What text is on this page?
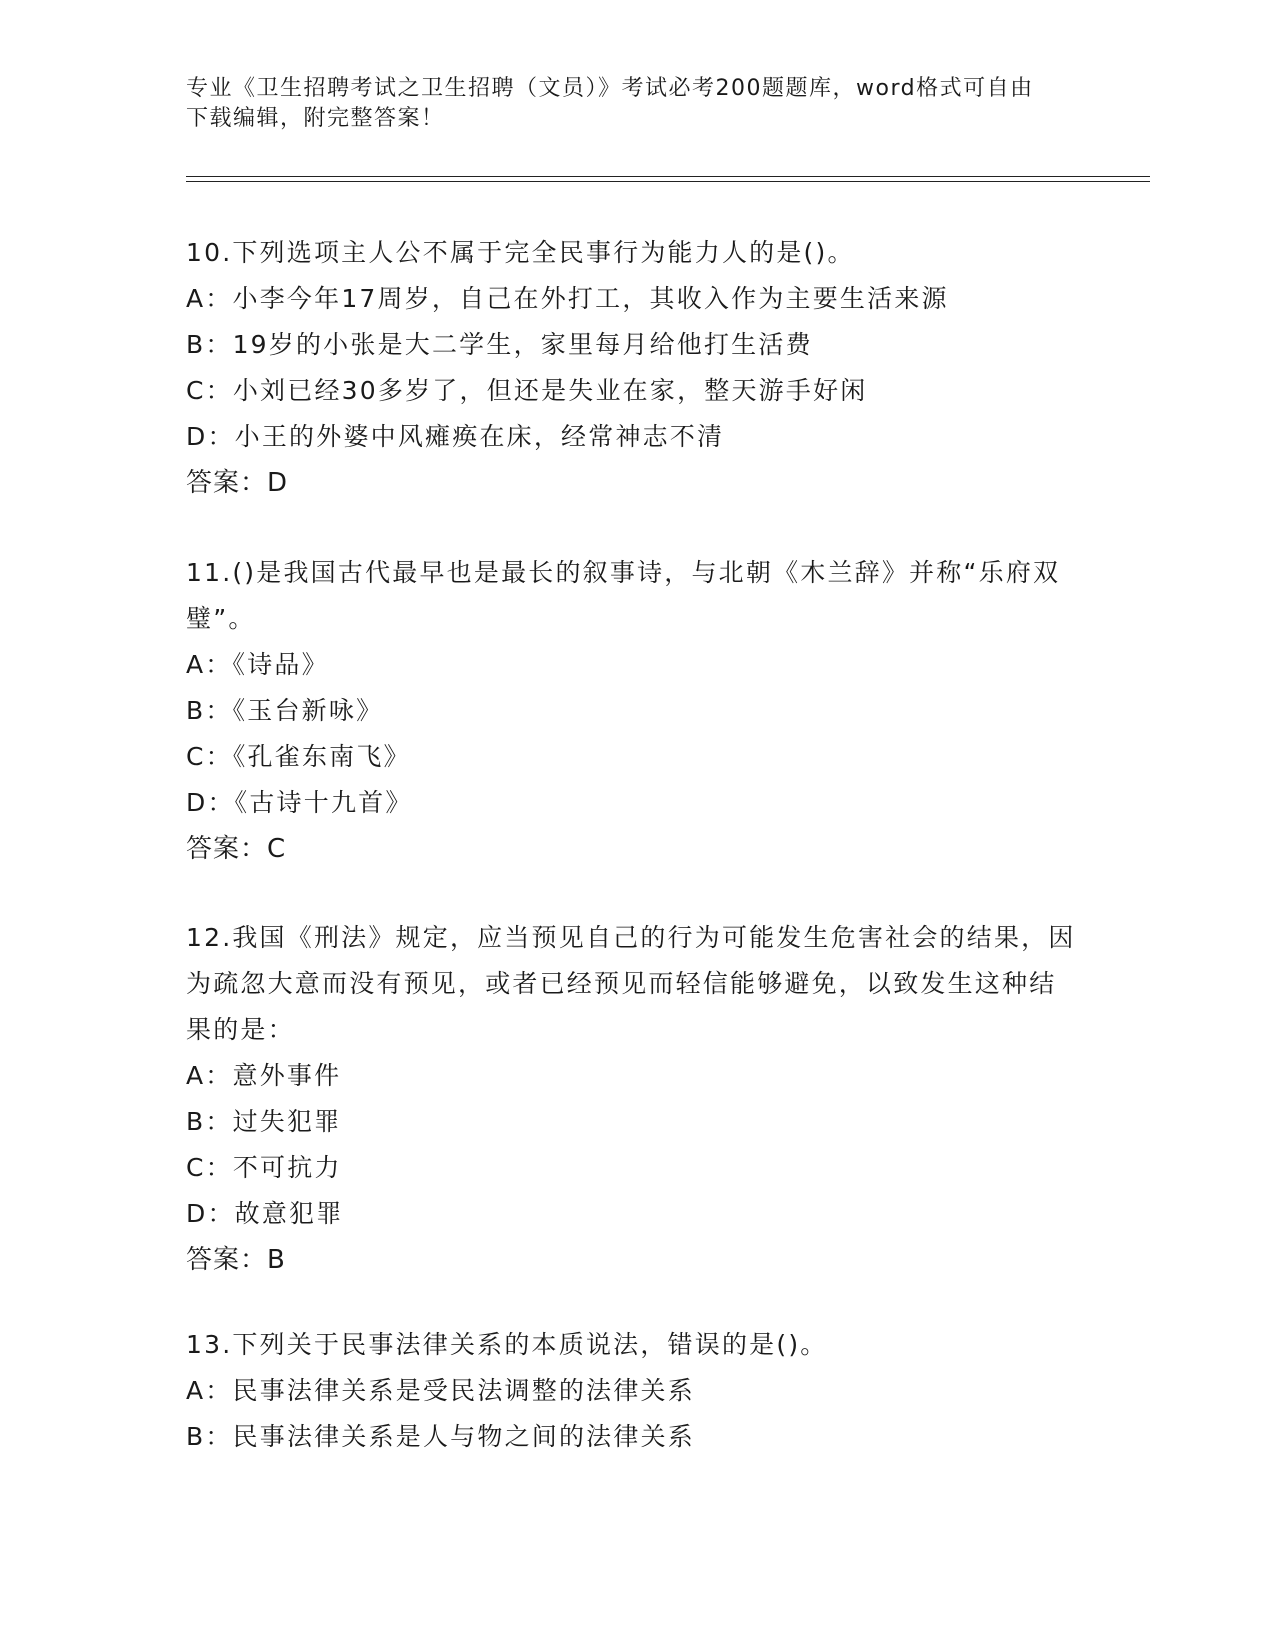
专业《卫生招聘考试之卫生招聘（文员）》考试必考200题题库，word格式可自由下载编辑，附完整答案！
10.下列选项主人公不属于完全民事行为能力人的是()。
A：小李今年17周岁，自己在外打工，其收入作为主要生活来源
B：19岁的小张是大二学生，家里每月给他打生活费
C：小刘已经30多岁了，但还是失业在家，整天游手好闲
D：小王的外婆中风瘫痪在床，经常神志不清
答案：D
11.()是我国古代最早也是最长的叙事诗，与北朝《木兰辞》并称“乐府双璧”。
A：《诗品》
B：《玉台新咏》
C：《孔雀东南飞》
D：《古诗十九首》
答案：C
12.我国《刑法》规定，应当预见自己的行为可能发生危害社会的结果，因为疏忽大意而没有预见，或者已经预见而轻信能够避免，以致发生这种结果的是：
A：意外事件
B：过失犯罪
C：不可抗力
D：故意犯罪
答案：B
13.下列关于民事法律关系的本质说法，错误的是()。
A：民事法律关系是受民法调整的法律关系
B：民事法律关系是人与物之间的法律关系
